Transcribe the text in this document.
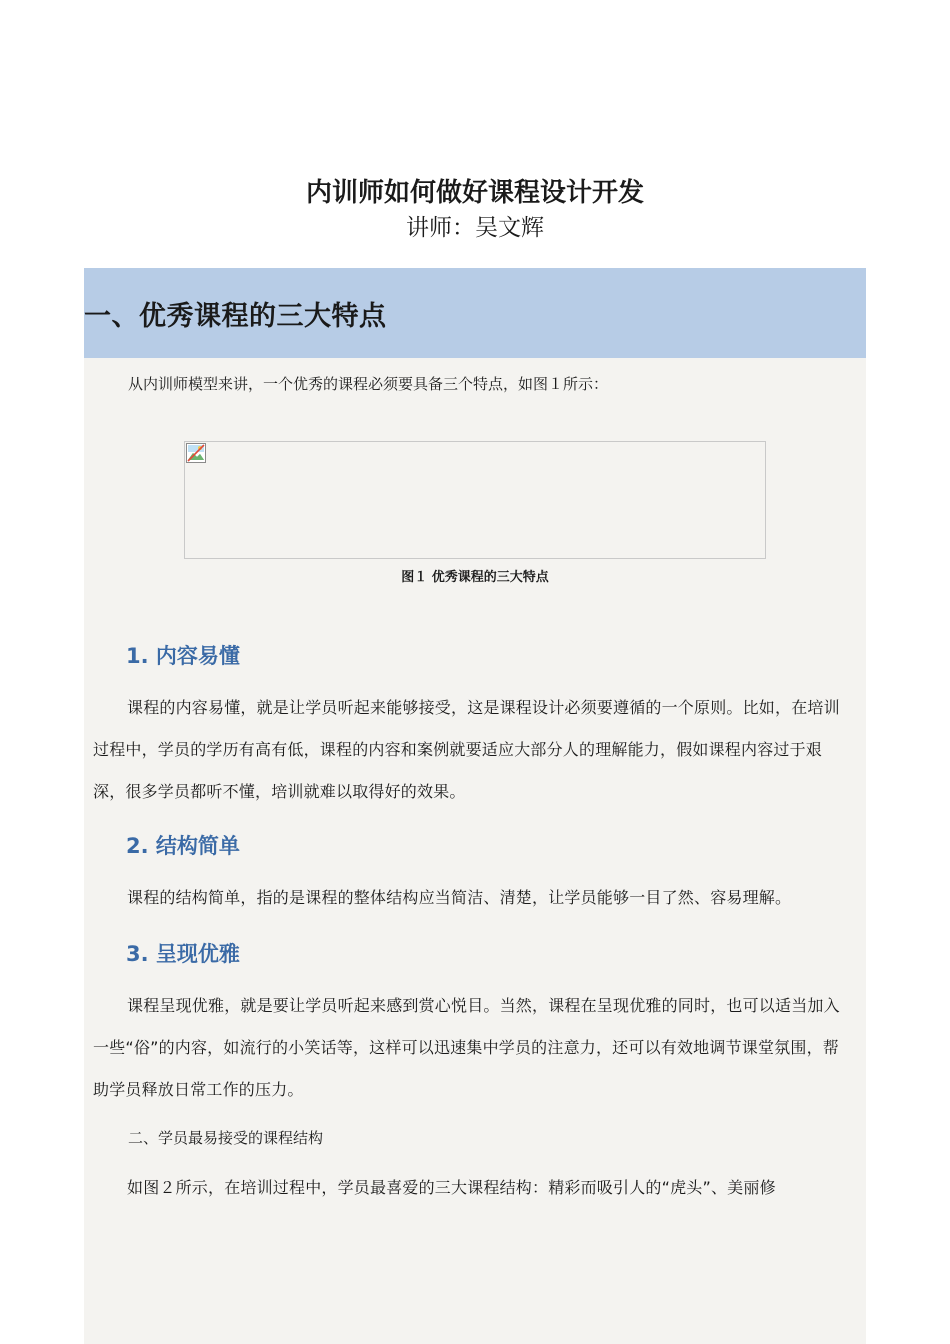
内训师如何做好课程设计开发
讲师：吴文辉
一、优秀课程的三大特点

从内训师模型来讲，一个优秀的课程必须要具备三个特点，如图１所示：

图１ 优秀课程的三大特点
1. 内容易懂

课程的内容易懂，就是让学员听起来能够接受，这是课程设计必须要遵循的一个原则。比如，在培训过程中，学员的学历有高有低，课程的内容和案例就要适应大部分人的理解能力，假如课程内容过于艰深，很多学员都听不懂，培训就难以取得好的效果。

2. 结构简单

课程的结构简单，指的是课程的整体结构应当简洁、清楚，让学员能够一目了然、容易理解。

3. 呈现优雅

课程呈现优雅，就是要让学员听起来感到赏心悦目。当然，课程在呈现优雅的同时，也可以适当加入一些“俗”的内容，如流行的小笑话等，这样可以迅速集中学员的注意力，还可以有效地调节课堂氛围，帮助学员释放日常工作的压力。

二、学员最易接受的课程结构

如图２所示，在培训过程中，学员最喜爱的三大课程结构：精彩而吸引人的“虎头”、美丽修
